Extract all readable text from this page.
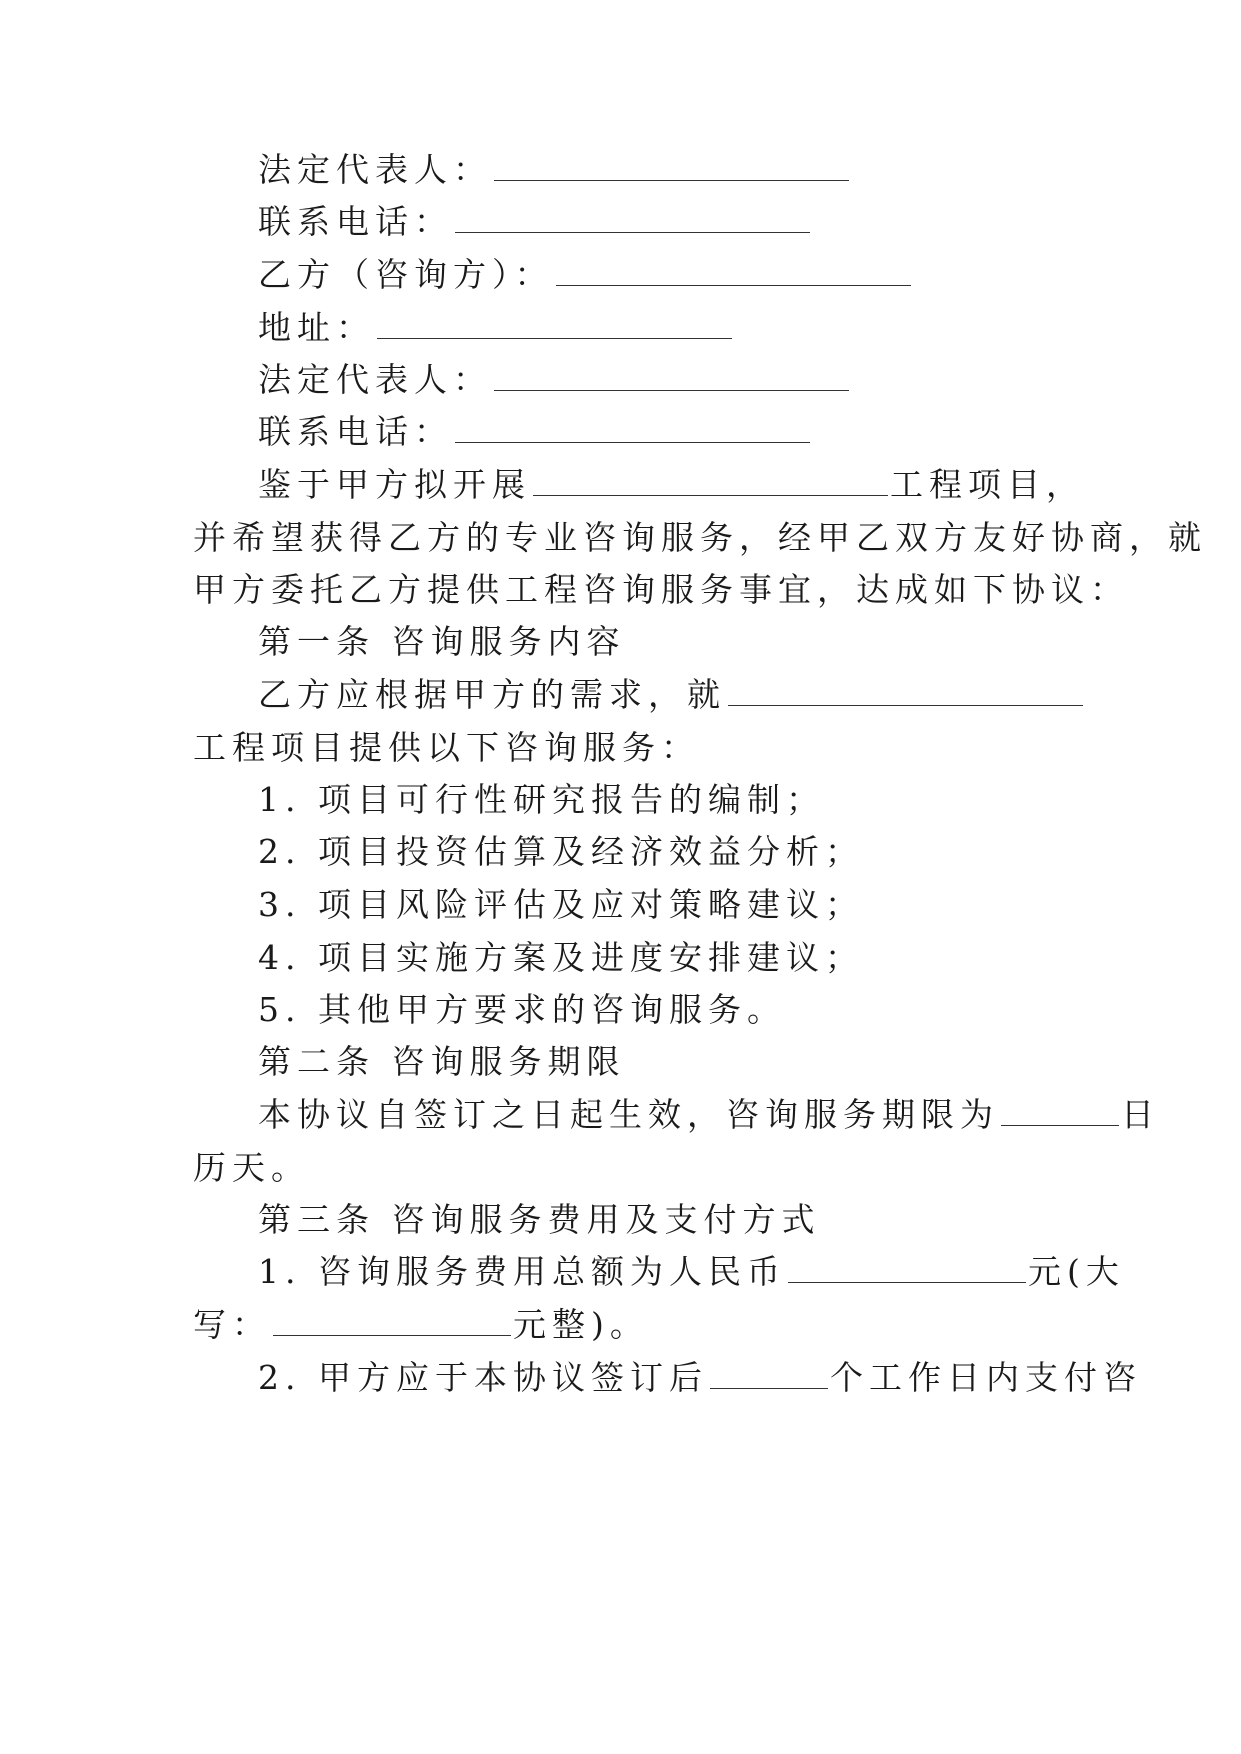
法定代表人：
联系电话：
乙方（咨询方）：
地址：
法定代表人：
联系电话：
鉴于甲方拟开展	工程项目，
并希望获得乙方的专业咨询服务，经甲乙双方友好协商，就
甲方委托乙方提供工程咨询服务事宜，达成如下协议：
第一条 咨询服务内容
乙方应根据甲方的需求，就
工程项目提供以下咨询服务：
1. 项目可行性研究报告的编制；
2. 项目投资估算及经济效益分析；
3. 项目风险评估及应对策略建议；
4. 项目实施方案及进度安排建议；
5. 其他甲方要求的咨询服务。
第二条 咨询服务期限
本协议自签订之日起生效，咨询服务期限为	日
历天。
第三条 咨询服务费用及支付方式
1. 咨询服务费用总额为人民币	元(大
写：	元整)。
2. 甲方应于本协议签订后	个工作日内支付咨
